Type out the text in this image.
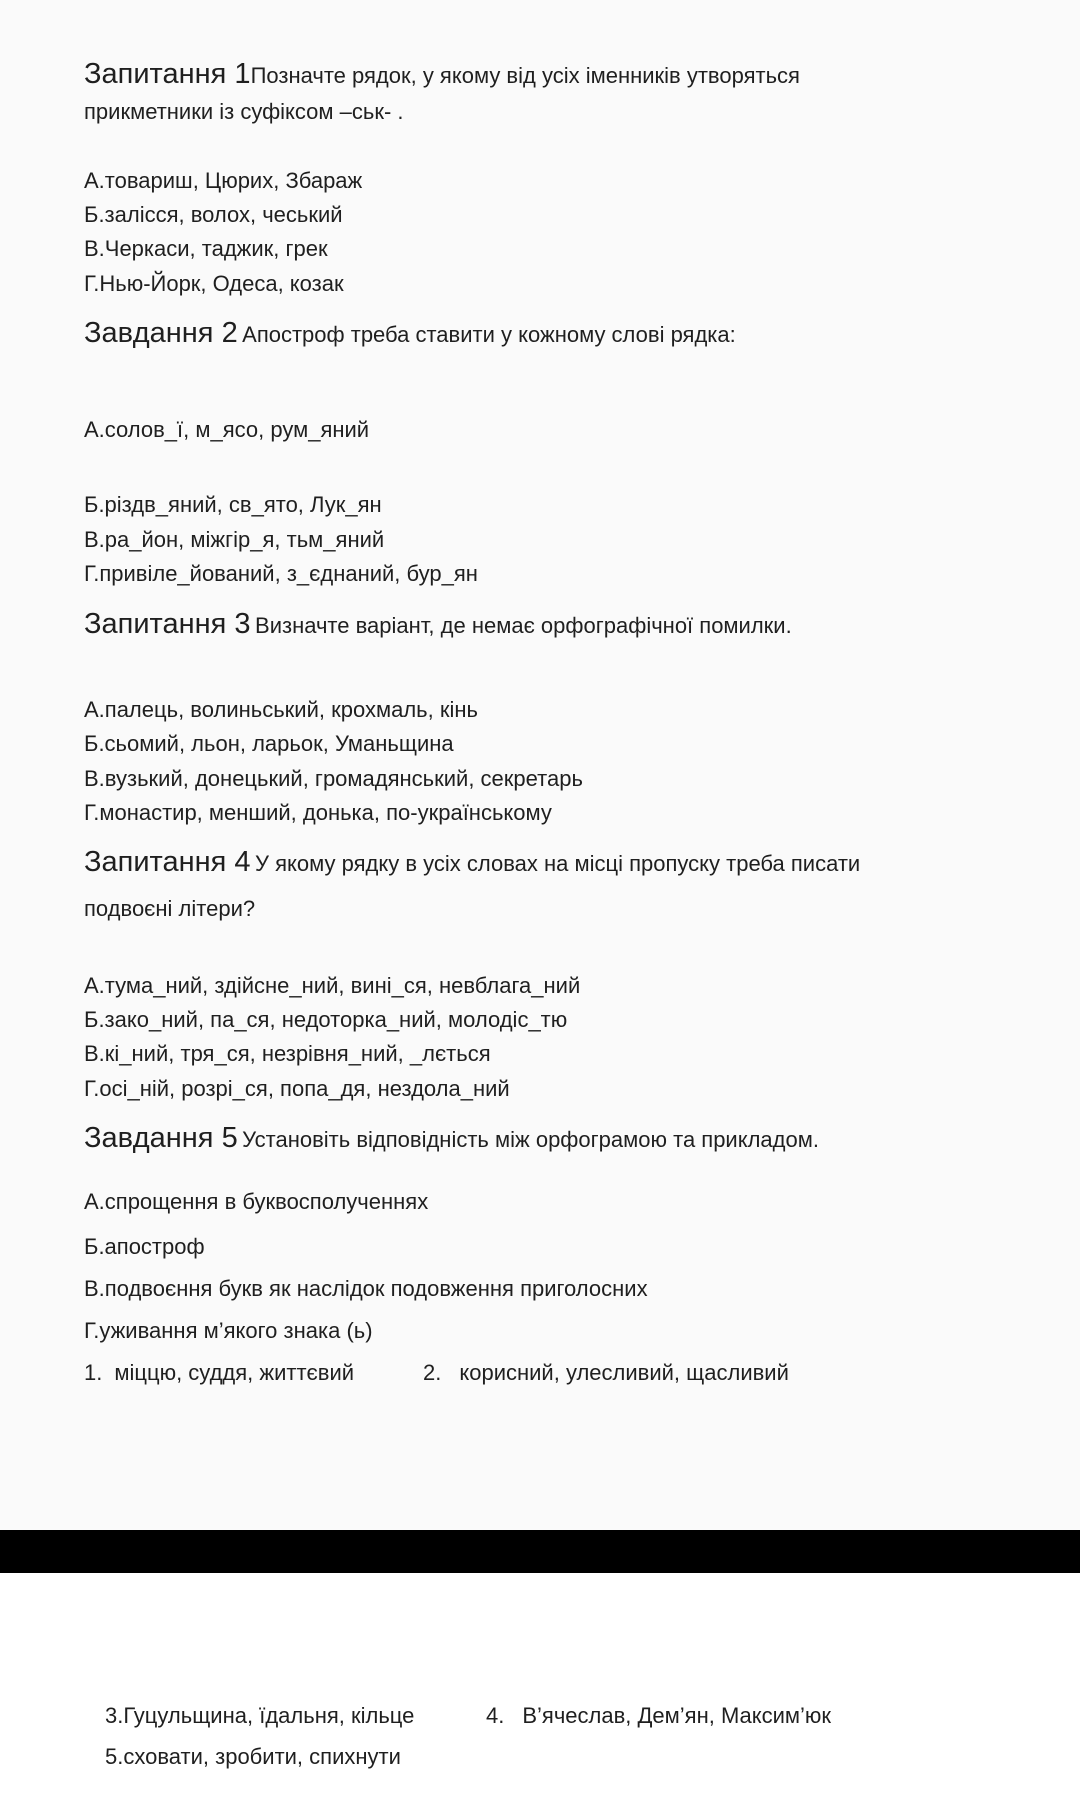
Запитання 1Позначте рядок, у якому від усіх іменників утворяться
прикметники із суфіксом –ськ- .
А.товариш, Цюрих, Збараж
Б.залісся, волох, чеський
В.Черкаси, таджик, грек
Г.Нью-Йорк, Одеса, козак
Завдання 2 Апостроф треба ставити у кожному слові рядка:
А.солов_ї, м_ясо, рум_яний
Б.різдв_яний, св_ято, Лук_ян
В.ра_йон, міжгір_я, тьм_яний
Г.привіле_йований, з_єднаний, бур_ян
Запитання 3 Визначте варіант, де немає орфографічної помилки.
А.палець, волиньський, крохмаль, кінь
Б.сьомий, льон, ларьок, Уманьщина
В.вузький, донецький, громадянський, секретарь
Г.монастир, менший, донька, по-українському
Запитання 4 У якому рядку в усіх словах на місці пропуску треба писати
подвоєні літери?
А.тума_ний, здійсне_ний, вині_ся, невблага_ний
Б.зако_ний, па_ся, недоторка_ний, молодіс_тю
В.кі_ний, тря_ся, незрівня_ний, _лється
Г.осі_ній, розрі_ся, попа_дя, нездола_ний
Завдання 5 Установіть відповідність між орфограмою та прикладом.
А.спрощення в буквосполученнях
Б.апостроф
В.подвоєння букв як наслідок подовження приголосних
Г.уживання м’якого знака (ь)
1. міццю, суддя, життєвий	2. корисний, улесливий, щасливий
3.Гуцульщина, їдальня, кільце	4. В’ячеслав, Дем’ян, Максим’юк
5.сховати, зробити, спихнути
